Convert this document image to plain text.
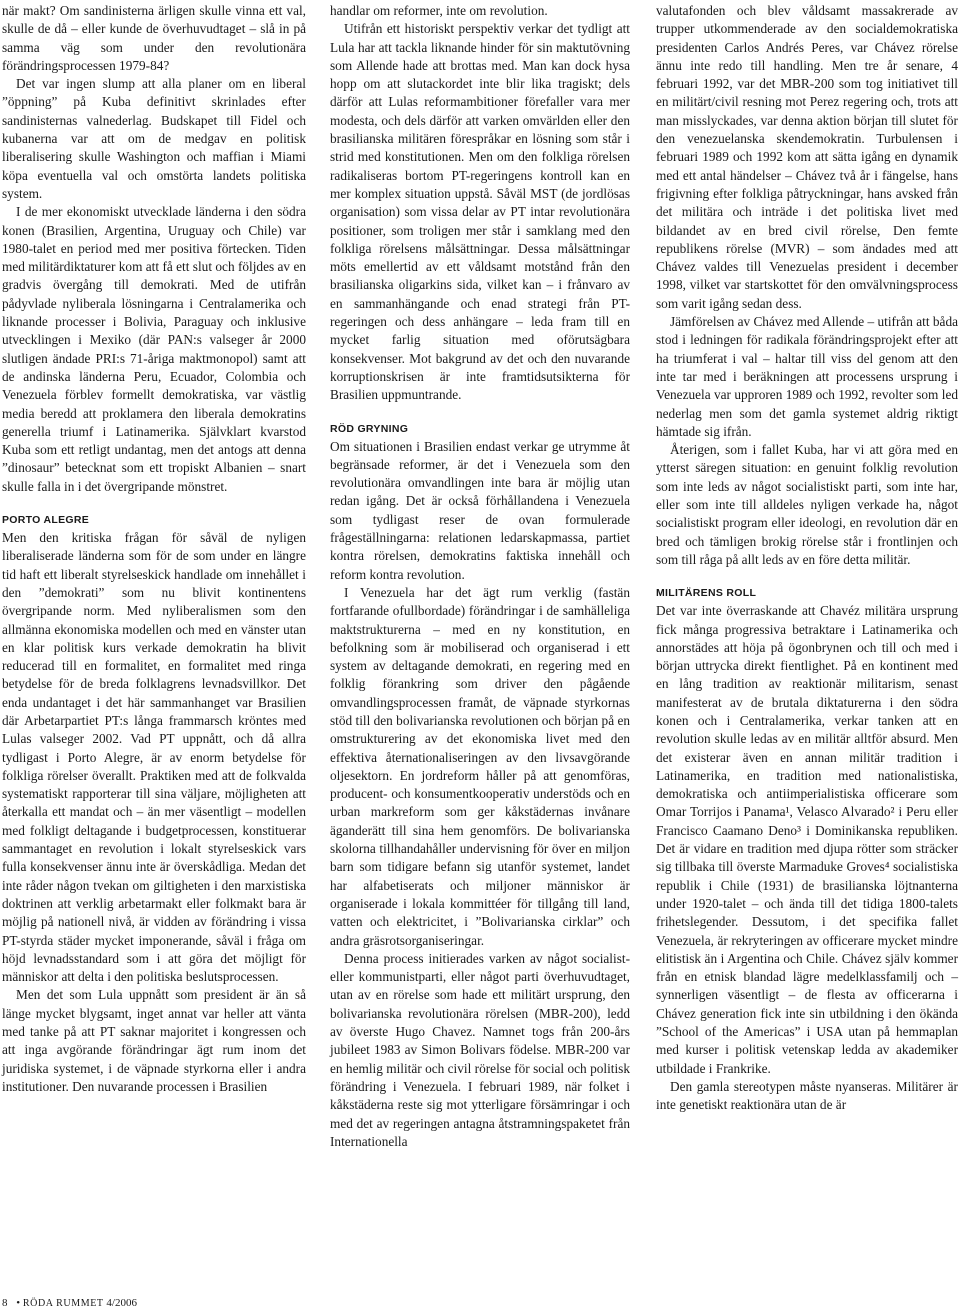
när makt? Om sandinisterna ärligen skulle vinna ett val, skulle de då – eller kunde de överhuvudtaget – slå in på samma väg som under den revolutionära förändringsprocessen 1979-84?

Det var ingen slump att alla planer om en liberal ”öppning” på Kuba definitivt skrinlades efter sandinisternas valnederlag. Budskapet till Fidel och kubanerna var att om de medgav en politisk liberalisering skulle Washington och maffian i Miami köpa eventuella val och omstörta landets politiska system.

I de mer ekonomiskt utvecklade länderna i den södra konen (Brasilien, Argentina, Uruguay och Chile) var 1980-talet en period med mer positiva förtecken. Tiden med militärdiktaturer kom att få ett slut och följdes av en gradvis övergång till demokrati. Med de utifrån pådyvlade nyliberala lösningarna i Centralamerika och liknande processer i Bolivia, Paraguay och inklusive utvecklingen i Mexiko (där PAN:s valseger år 2000 slutligen ändade PRI:s 71-åriga maktmonopol) samt att de andinska länderna Peru, Ecuador, Colombia och Venezuela förblev formellt demokratiska, var västlig media beredd att proklamera den liberala demokratins generella triumf i Latinamerika. Självklart kvarstod Kuba som ett retligt undantag, men det antogs att denna ”dinosaur” betecknat som ett tropiskt Albanien – snart skulle falla in i det övergripande mönstret.

PORTO ALEGRE

Men den kritiska frågan för såväl de nyligen liberaliserade länderna som för de som under en längre tid haft ett liberalt styrelseskick handlade om innehållet i den ”demokrati” som nu blivit kontinentens övergripande norm. Med nyliberalismen som den allmänna ekonomiska modellen och med en vänster utan en klar politisk kurs verkade demokratin ha blivit reducerad till en formalitet, en formalitet med ringa betydelse för de breda folklagrens levnadsvillkor. Det enda undantaget i det här sammanhanget var Brasilien där Arbetarpartiet PT:s långa frammarsch kröntes med Lulas valseger 2002. Vad PT uppnått, och då allra tydligast i Porto Alegre, är av enorm betydelse för folkliga rörelser överallt. Praktiken med att de folkvalda systematiskt rapporterar till sina väljare, möjligheten att återkalla ett mandat och – än mer väsentligt – modellen med folkligt deltagande i budgetprocessen, konstituerar sammantaget en revolution i lokalt styrelseskick vars fulla konsekvenser ännu inte är överskådliga. Medan det inte råder någon tvekan om giltigheten i den marxistiska doktrinen att verklig arbetarmakt eller folkmakt bara är möjlig på nationell nivå, är vidden av förändring i vissa PT-styrda städer mycket imponerande, såväl i fråga om höjd levnadsstandard som i att göra det möjligt för människor att delta i den politiska beslutsprocessen.

Men det som Lula uppnått som president är än så länge mycket blygsamt, inget annat var heller att vänta med tanke på att PT saknar majoritet i kongressen och att inga avgörande förändringar ägt rum inom det juridiska systemet, i de väpnade styrkorna eller i andra institutioner. Den nuvarande processen i Brasilien

handlar om reformer, inte om revolution.

Utifrån ett historiskt perspektiv verkar det tydligt att Lula har att tackla liknande hinder för sin maktutövning som Allende hade att brottas med. Man kan dock hysa hopp om att slutackordet inte blir lika tragiskt; dels därför att Lulas reformambitioner förefaller vara mer modesta, och dels därför att varken omvärlden eller den brasilianska militären förespråkar en lösning som står i strid med konstitutionen. Men om den folkliga rörelsen radikaliseras bortom PT-regeringens kontroll kan en mer komplex situation uppstå. Såväl MST (de jordlösas organisation) som vissa delar av PT intar revolutionära positioner, som troligen mer står i samklang med den folkliga rörelsens målsättningar. Dessa målsättningar möts emellertid av ett våldsamt motstånd från den brasilianska oligarkins sida, vilket kan – i frånvaro av en sammanhängande och enad strategi från PT-regeringen och dess anhängare – leda fram till en mycket farlig situation med oförutsägbara konsekvenser. Mot bakgrund av det och den nuvarande korruptionskrisen är inte framtidsutsikterna för Brasilien uppmuntrande.

RÖD GRYNING

Om situationen i Brasilien endast verkar ge utrymme åt begränsade reformer, är det i Venezuela som den revolutionära omvandlingen inte bara är möjlig utan redan igång. Det är också förhållandena i Venezuela som tydligast reser de ovan formulerade frågeställningarna: relationen ledarskapmassa, partiet kontra rörelsen, demokratins faktiska innehåll och reform kontra revolution.

I Venezuela har det ägt rum verklig (fastän fortfarande ofullbordade) förändringar i de samhälleliga maktstrukturerna – med en ny konstitution, en befolkning som är mobiliserad och organiserad i ett system av deltagande demokrati, en regering med en folklig förankring som driver den pågående omvandlingsprocessen framåt, de väpnade styrkornas stöd till den bolivarianska revolutionen och början på en omstrukturering av det ekonomiska livet med den effektiva åternationaliseringen av den livsavgörande oljesektorn. En jordreform håller på att genomföras, producent- och konsumentkooperativ understöds och en urban markreform som ger kåkstädernas invånare äganderätt till sina hem genomförs. De bolivarianska skolorna tillhandahåller undervisning för över en miljon barn som tidigare befann sig utanför systemet, landet har alfabetiserats och miljoner människor är organiserade i lokala kommittéer för tillgång till land, vatten och elektricitet, i ”Bolivarianska cirklar” och andra gräsrotsorganiseringar.

Denna process initierades varken av något socialist- eller kommunistparti, eller något parti överhuvudtaget, utan av en rörelse som hade ett militärt ursprung, den bolivarianska revolutionära rörelsen (MBR-200), ledd av överste Hugo Chavez. Namnet togs från 200-års jubileet 1983 av Simon Bolivars födelse. MBR-200 var en hemlig militär och civil rörelse för social och politisk förändring i Venezuela. I februari 1989, när folket i kåkstäderna reste sig mot ytterligare försämringar i och med det av regeringen antagna åtstramningspaketet från Internationella

valutafonden och blev våldsamt massakrerade av trupper utkommenderade av den socialdemokratiska presidenten Carlos Andrés Peres, var Chávez rörelse ännu inte redo till handling. Men tre år senare, 4 februari 1992, var det MBR-200 som tog initiativet till en militärt/civil resning mot Perez regering och, trots att man misslyckades, var denna aktion början till slutet för den venezuelanska skendemokratin. Turbulensen i februari 1989 och 1992 kom att sätta igång en dynamik med ett antal händelser – Chávez två år i fängelse, hans frigivning efter folkliga påtryckningar, hans avsked från det militära och inträde i det politiska livet med bildandet av en bred civil rörelse, Den femte republikens rörelse (MVR) – som ändades med att Chávez valdes till Venezuelas president i december 1998, vilket var startskottet för den omvälvningsprocess som varit igång sedan dess.

Jämförelsen av Chávez med Allende – utifrån att båda stod i ledningen för radikala förändringsprojekt efter att ha triumferat i val – haltar till viss del genom att den inte tar med i beräkningen att processens ursprung i Venezuela var upproren 1989 och 1992, revolter som led nederlag men som det gamla systemet aldrig riktigt hämtade sig ifrån.

Återigen, som i fallet Kuba, har vi att göra med en ytterst säregen situation: en genuint folklig revolution som inte leds av något socialistiskt parti, som inte har, eller som inte till alldeles nyligen verkade ha, något socialistiskt program eller ideologi, en revolution där en bred och tämligen brokig rörelse står i frontlinjen och som till råga på allt leds av en före detta militär.

MILITÄRENS ROLL

Det var inte överraskande att Chavéz militära ursprung fick många progressiva betraktare i Latinamerika och annorstädes att höja på ögonbrynen och till och med i början uttrycka direkt fientlighet. På en kontinent med en lång tradition av reaktionär militarism, senast manifesterat av de brutala diktaturerna i den södra konen och i Centralamerika, verkar tanken att en revolution skulle ledas av en militär alltför absurd. Men det existerar även en annan militär tradition i Latinamerika, en tradition med nationalistiska, demokratiska och antiimperialistiska officerare som Omar Torrijos i Panama¹, Velasco Alvarado² i Peru eller Francisco Caamano Deno³ i Dominikanska republiken. Det är vidare en tradition med djupa rötter som sträcker sig tillbaka till överste Marmaduke Groves⁴ socialistiska republik i Chile (1931) de brasilianska löjtnanterna under 1920-talet – och ända till det tidiga 1800-talets frihetslegender. Dessutom, i det specifika fallet Venezuela, är rekryteringen av officerare mycket mindre elitistisk än i Argentina och Chile. Chávez själv kommer från en etnisk blandad lägre medelklassfamilj och – synnerligen väsentligt – de flesta av officerarna i Chávez generation fick inte sin utbildning i den ökända ”School of the Americas” i USA utan på hemmaplan med kurser i politisk vetenskap ledda av akademiker utbildade i Frankrike.

Den gamla stereotypen måste nyanseras. Militärer är inte genetiskt reaktionära utan de är

8 • RÖDA RUMMET 4/2006
